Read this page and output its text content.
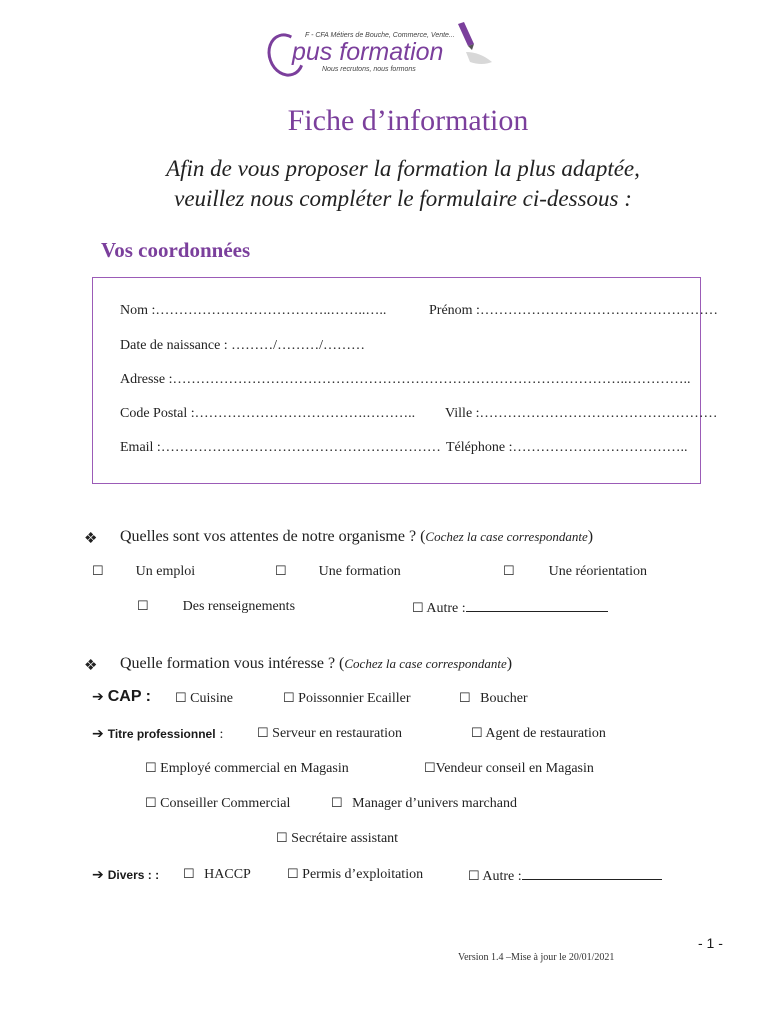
F - CFA Métiers de Bouche, Commerce, Vente...
pus formation
Nous recrutons, nous formons
Fiche d’information
Afin de vous proposer la formation la plus adaptée,
veuillez nous compléter le formulaire ci-dessous :
Vos coordonnées
Nom :………………………………..……..…..	Prénom :……………………………………………
Date de naissance : ………/………/………
Adresse :……………………………………………………………………………………..…………..
Code Postal :……………………………….……….. Ville :……………………………………………
Email :…………………………………………………… Téléphone :………………………………..
❖ Quelles sont vos attentes de notre organisme ? (Cochez la case correspondante)
☐ Un emploi	☐ Une formation	☐ Une réorientation
☐ Des renseignements	☐ Autre :
❖ Quelle formation vous intéresse ? (Cochez la case correspondante)
➔ CAP : ☐ Cuisine	☐ Poissonnier Ecailler	☐ Boucher
➔ Titre professionnel :	☐ Serveur en restauration	☐ Agent de restauration
☐ Employé commercial en Magasin	☐Vendeur conseil en Magasin
☐ Conseiller Commercial	☐ Manager d’univers marchand
☐ Secrétaire assistant
➔ Divers : : ☐ HACCP	☐ Permis d’exploitation	☐ Autre :
- 1 -
Version 1.4 –Mise à jour le 20/01/2021
